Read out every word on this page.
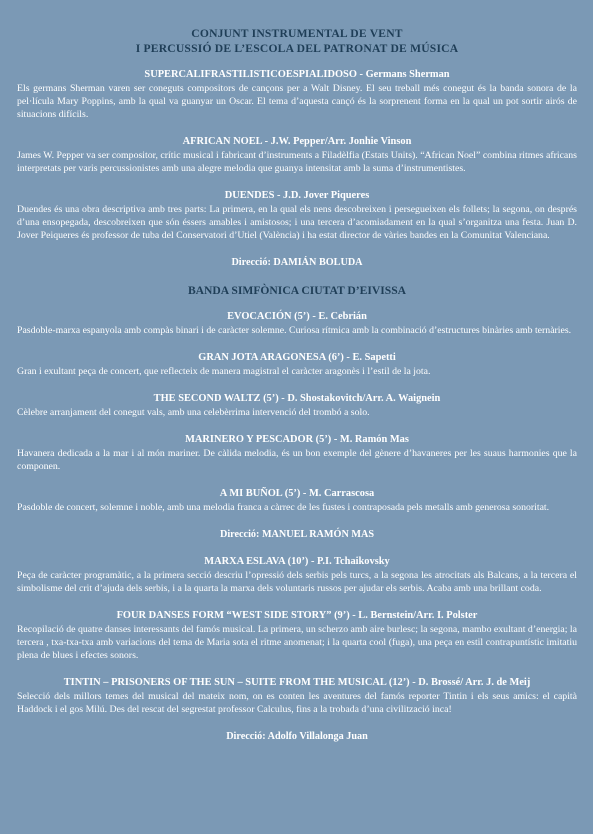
CONJUNT INSTRUMENTAL DE VENT
I PERCUSSIÓ DE L’ESCOLA DEL PATRONAT DE MÚSICA
SUPERCALIFRASTILISTICOESPIALIDOSO - Germans Sherman
Els germans Sherman varen ser coneguts compositors de cançons per a Walt Disney. El seu treball més conegut és la banda sonora de la pel·lícula Mary Poppins, amb la qual va guanyar un Oscar. El tema d’aquesta cançó és la sorprenent forma en la qual un pot sortir airós de situacions difícils.
AFRICAN NOEL - J.W. Pepper/Arr. Jonhie Vinson
James W. Pepper va ser compositor, crític musical i fabricant d’instruments a Filadèlfia (Estats Units). “African Noel” combina ritmes africans interpretats per varis percussionistes amb una alegre melodia que guanya intensitat amb la suma d’instrumentistes.
DUENDES - J.D. Jover Piqueres
Duendes és una obra descriptiva amb tres parts: La primera, en la qual els nens descobreixen i persegueixen els follets; la segona, on després d’una ensopegada, descobreixen que són éssers amables i amistosos; i una tercera d’acomiadament en la qual s’organitza una festa. Juan D. Jover Peiqueres és professor de tuba del Conservatori d’Utiel (València) i ha estat director de vàries bandes en la Comunitat Valenciana.
Direcció: DAMIÁN BOLUDA
BANDA SIMFÒNICA CIUTAT D’EIVISSA
EVOCACIÓN (5’) - E. Cebrián
Pasdoble-marxa espanyola amb compàs binari i de caràcter solemne. Curiosa rítmica amb la combinació d’estructures binàries amb ternàries.
GRAN JOTA ARAGONESA (6’) - E. Sapetti
Gran i exultant peça de concert, que reflecteix de manera magistral el caràcter aragonès i l’estil de la jota.
THE SECOND WALTZ (5’) - D. Shostakovitch/Arr. A. Waignein
Cèlebre arranjament del conegut vals, amb una celebèrrima intervenció del trombó a solo.
MARINERO Y PESCADOR (5’) - M. Ramón Mas
Havanera dedicada a la mar i al món mariner. De càlida melodia, és un bon exemple del gènere d’havaneres per les suaus harmonies que la componen.
A MI BUÑOL (5’) - M. Carrascosa
Pasdoble de concert, solemne i noble, amb una melodia franca a càrrec de les fustes i contraposada pels metalls amb generosa sonoritat.
Direcció: MANUEL RAMÓN MAS
MARXA ESLAVA (10’) - P.I. Tchaikovsky
Peça de caràcter programàtic, a la primera secció descriu l’opressió dels serbis pels turcs, a la segona les atrocitats als Balcans, a la tercera el simbolisme del crit d’ajuda dels serbis, i a la quarta la marxa dels voluntaris russos per ajudar els serbis. Acaba amb una brillant coda.
FOUR DANSES FORM “WEST SIDE STORY” (9’) - L. Bernstein/Arr. I. Polster
Recopilació de quatre danses interessants del famós musical. La primera, un scherzo amb aire burlesc; la segona, mambo exultant d’energia; la tercera , txa-txa-txa amb variacions del tema de Maria sota el ritme anomenat; i la quarta cool (fuga), una peça en estil contrapuntístic imitatiu plena de blues i efectes sonors.
TINTIN – PRISONERS OF THE SUN – SUITE FROM THE MUSICAL (12’) - D. Brossé/ Arr. J. de Meij
Selecció dels millors temes del musical del mateix nom, on es conten les aventures del famós reporter Tintin i els seus amics: el capità Haddock i el gos Milú. Des del rescat del segrestat professor Calculus, fins a la trobada d’una civilització inca!
Direcció: Adolfo Villalonga Juan
